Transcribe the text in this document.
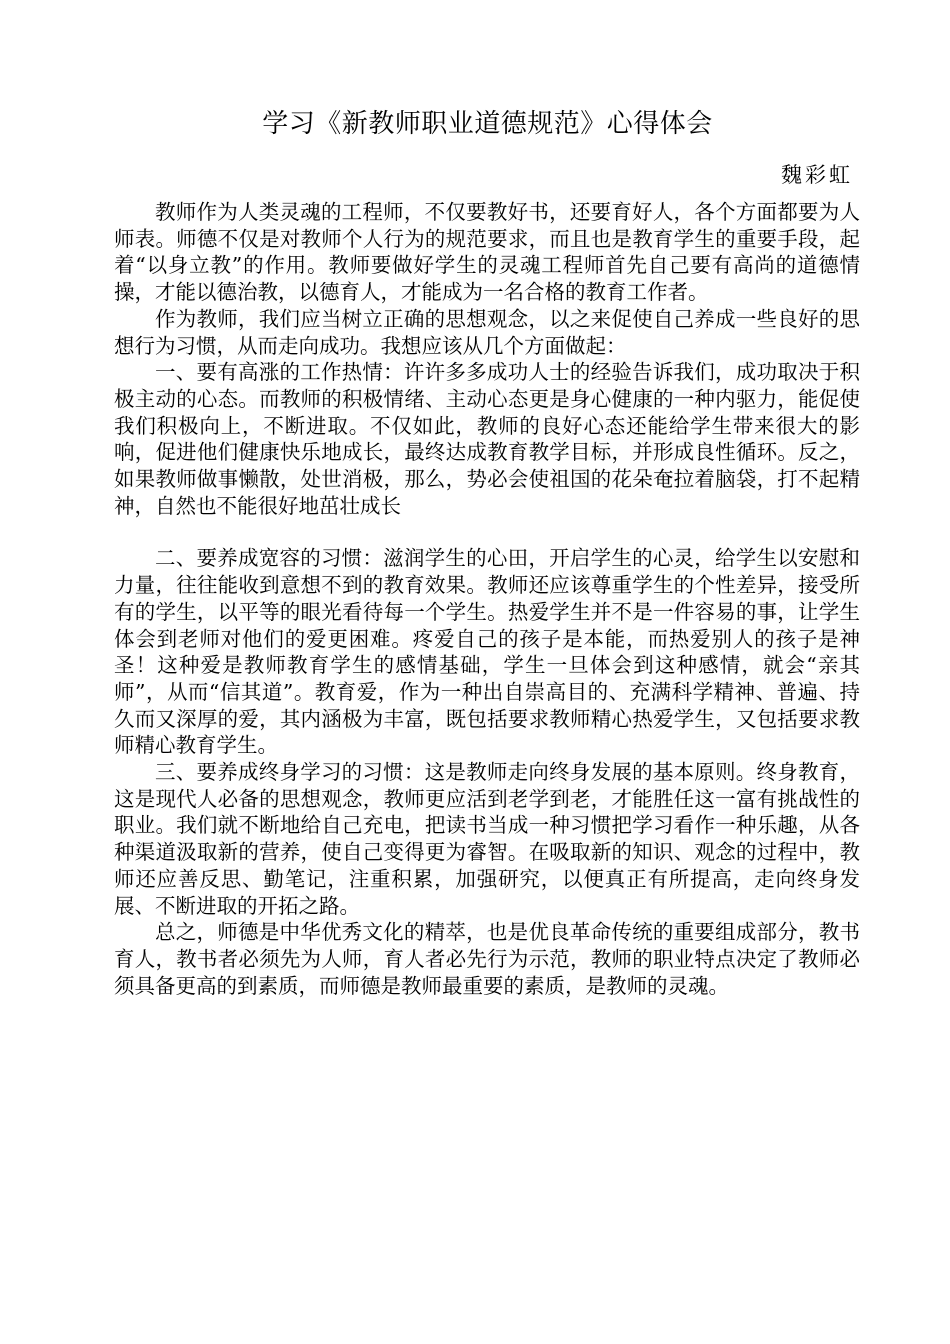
学习《新教师职业道德规范》心得体会

魏彩虹

教师作为人类灵魂的工程师，不仅要教好书，还要育好人，各个方面都要为人师表。师德不仅是对教师个人行为的规范要求，而且也是教育学生的重要手段，起着“以身立教”的作用。教师要做好学生的灵魂工程师首先自己要有高尚的道德情操，才能以德治教，以德育人，才能成为一名合格的教育工作者。

作为教师，我们应当树立正确的思想观念，以之来促使自己养成一些良好的思想行为习惯，从而走向成功。我想应该从几个方面做起：

一、要有高涨的工作热情：许许多多成功人士的经验告诉我们，成功取决于积极主动的心态。而教师的积极情绪、主动心态更是身心健康的一种内驱力，能促使我们积极向上，不断进取。不仅如此，教师的良好心态还能给学生带来很大的影响，促进他们健康快乐地成长，最终达成教育教学目标，并形成良性循环。反之，如果教师做事懒散，处世消极，那么，势必会使祖国的花朵奄拉着脑袋，打不起精神，自然也不能很好地茁壮成长

二、要养成宽容的习惯：滋润学生的心田，开启学生的心灵，给学生以安慰和力量，往往能收到意想不到的教育效果。教师还应该尊重学生的个性差异，接受所有的学生，以平等的眼光看待每一个学生。热爱学生并不是一件容易的事，让学生体会到老师对他们的爱更困难。疼爱自己的孩子是本能，而热爱别人的孩子是神圣！这种爱是教师教育学生的感情基础，学生一旦体会到这种感情，就会“亲其师”，从而“信其道”。教育爱，作为一种出自崇高目的、充满科学精神、普遍、持久而又深厚的爱，其内涵极为丰富，既包括要求教师精心热爱学生，又包括要求教师精心教育学生。

三、要养成终身学习的习惯：这是教师走向终身发展的基本原则。终身教育，这是现代人必备的思想观念，教师更应活到老学到老，才能胜任这一富有挑战性的职业。我们就不断地给自己充电，把读书当成一种习惯把学习看作一种乐趣，从各种渠道汲取新的营养，使自己变得更为睿智。在吸取新的知识、观念的过程中，教师还应善反思、勤笔记，注重积累，加强研究，以便真正有所提高，走向终身发展、不断进取的开拓之路。

总之，师德是中华优秀文化的精萃，也是优良革命传统的重要组成部分，教书育人，教书者必须先为人师，育人者必先行为示范，教师的职业特点决定了教师必须具备更高的到素质，而师德是教师最重要的素质，是教师的灵魂。
